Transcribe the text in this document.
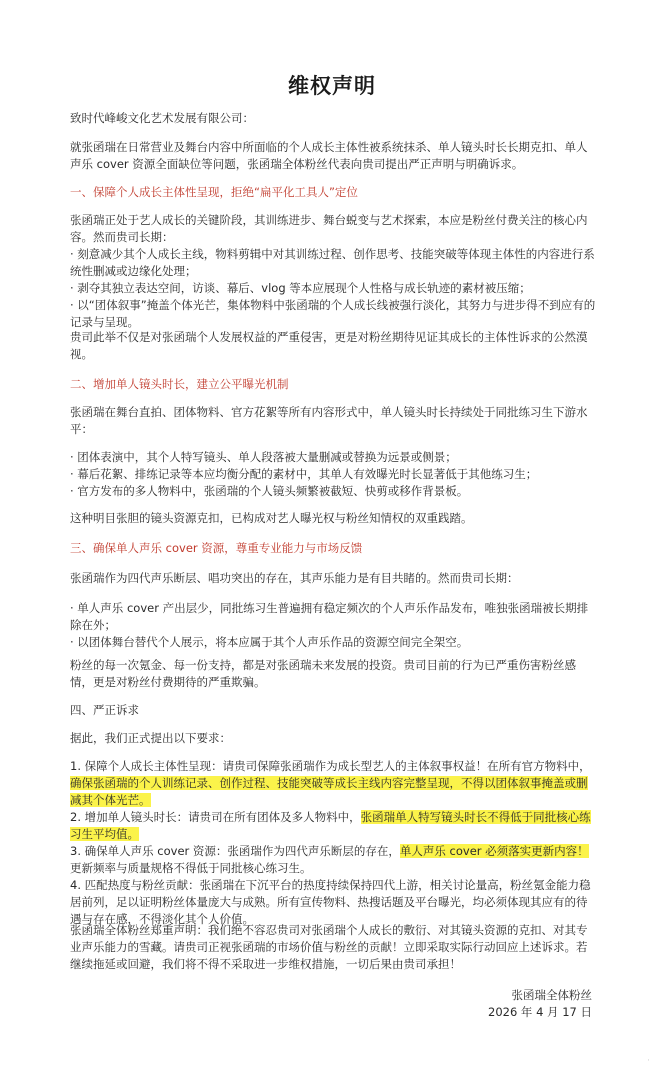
维权声明

致时代峰峻文化艺术发展有限公司：

就张函瑞在日常营业及舞台内容中所面临的个人成长主体性被系统抹杀、单人镜头时长长期克扣、单人声乐 cover 资源全面缺位等问题，张函瑞全体粉丝代表向贵司提出严正声明与明确诉求。

一、保障个人成长主体性呈现，拒绝“扁平化工具人”定位

张函瑞正处于艺人成长的关键阶段，其训练进步、舞台蜕变与艺术探索，本应是粉丝付费关注的核心内容。然而贵司长期：

· 刻意减少其个人成长主线，物料剪辑中对其训练过程、创作思考、技能突破等体现主体性的内容进行系统性删减或边缘化处理；

· 剥夺其独立表达空间，访谈、幕后、vlog 等本应展现个人性格与成长轨迹的素材被压缩；

· 以“团体叙事”掩盖个体光芒，集体物料中张函瑞的个人成长线被强行淡化，其努力与进步得不到应有的记录与呈现。

贵司此举不仅是对张函瑞个人发展权益的严重侵害，更是对粉丝期待见证其成长的主体性诉求的公然漠视。

二、增加单人镜头时长，建立公平曝光机制

张函瑞在舞台直拍、团体物料、官方花絮等所有内容形式中，单人镜头时长持续处于同批练习生下游水平：

· 团体表演中，其个人特写镜头、单人段落被大量删减或替换为远景或侧景；

· 幕后花絮、排练记录等本应均衡分配的素材中，其单人有效曝光时长显著低于其他练习生；

· 官方发布的多人物料中，张函瑞的个人镜头频繁被截短、快剪或移作背景板。

这种明目张胆的镜头资源克扣，已构成对艺人曝光权与粉丝知情权的双重践踏。

三、确保单人声乐 cover 资源，尊重专业能力与市场反馈

张函瑞作为四代声乐断层、唱功突出的存在，其声乐能力是有目共睹的。然而贵司长期：

· 单人声乐 cover 产出层少，同批练习生普遍拥有稳定频次的个人声乐作品发布，唯独张函瑞被长期排除在外；

· 以团体舞台替代个人展示，将本应属于其个人声乐作品的资源空间完全架空。

粉丝的每一次氪金、每一份支持，都是对张函瑞未来发展的投资。贵司目前的行为已严重伤害粉丝感情，更是对粉丝付费期待的严重欺骗。

四、严正诉求

据此，我们正式提出以下要求：

1. 保障个人成长主体性呈现：请贵司保障张函瑞作为成长型艺人的主体叙事权益！在所有官方物料中，确保张函瑞的个人训练记录、创作过程、技能突破等成长主线内容完整呈现，不得以团体叙事掩盖或删减其个体光芒。

2. 增加单人镜头时长：请贵司在所有团体及多人物料中，张函瑞单人特写镜头时长不得低于同批核心练习生平均值。

3. 确保单人声乐 cover 资源：张函瑞作为四代声乐断层的存在，单人声乐 cover 必须落实更新内容！更新频率与质量规格不得低于同批核心练习生。

4. 匹配热度与粉丝贡献：张函瑞在下沉平台的热度持续保持四代上游，相关讨论量高，粉丝氪金能力稳居前列，足以证明粉丝体量庞大与成熟。所有宣传物料、热搜话题及平台曝光，均必须体现其应有的待遇与存在感，不得淡化其个人价值。

张函瑞全体粉丝郑重声明：我们绝不容忍贵司对张函瑞个人成长的敷衍、对其镜头资源的克扣、对其专业声乐能力的雪藏。请贵司正视张函瑞的市场价值与粉丝的贡献！立即采取实际行动回应上述诉求。若继续拖延或回避，我们将不得不采取进一步维权措施，一切后果由贵司承担！

张函瑞全体粉丝

2026 年 4 月 17 日

·
